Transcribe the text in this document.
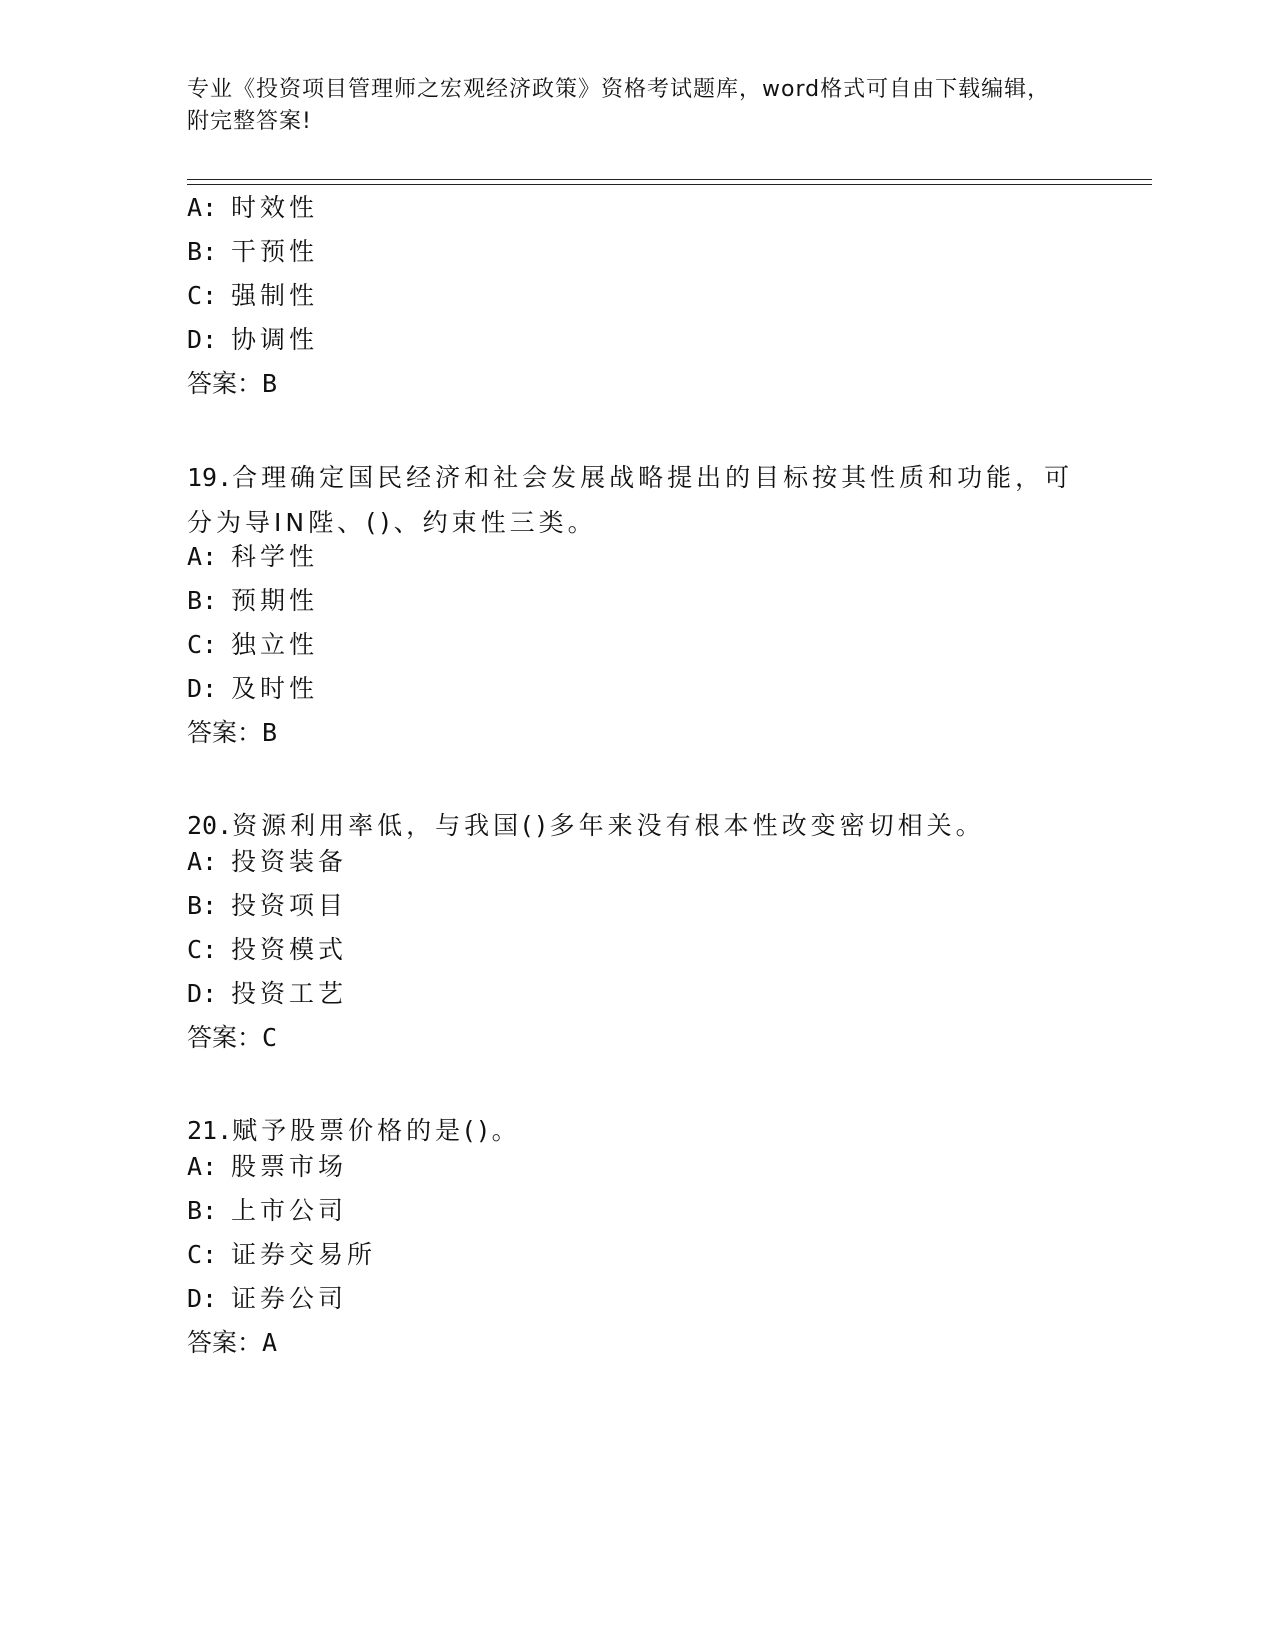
专业《投资项目管理师之宏观经济政策》资格考试题库，word格式可自由下载编辑，附完整答案!
A: 时效性
B: 干预性
C: 强制性
D: 协调性
答案：B
19.合理确定国民经济和社会发展战略提出的目标按其性质和功能，可分为导IN陛、()、约束性三类。
A: 科学性
B: 预期性
C: 独立性
D: 及时性
答案：B
20.资源利用率低，与我国()多年来没有根本性改变密切相关。
A: 投资装备
B: 投资项目
C: 投资模式
D: 投资工艺
答案：C
21.赋予股票价格的是()。
A: 股票市场
B: 上市公司
C: 证券交易所
D: 证券公司
答案：A
